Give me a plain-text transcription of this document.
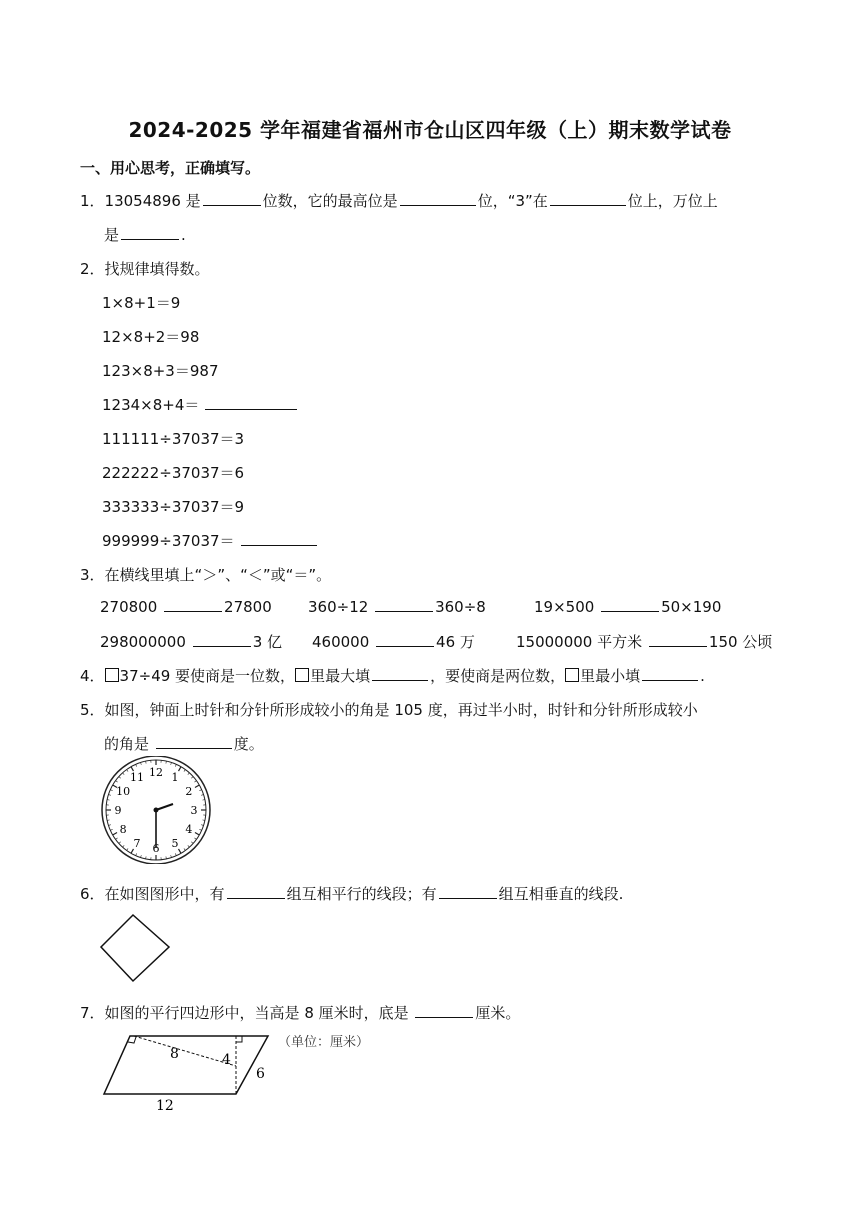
2024-2025 学年福建省福州市仓山区四年级（上）期末数学试卷
一、用心思考，正确填写。
1．13054896 是	位数，它的最高位是	位，“3”在	位上，万位上
是	.
2．找规律填得数。
1×8+1＝9
12×8+2＝98
123×8+3＝987
1234×8+4＝
111111÷37037＝3
222222÷37037＝6
333333÷37037＝9
999999÷37037＝
3．在横线里填上“＞”、“＜”或“＝”。
270800	27800 360÷12	360÷8	19×500	50×190
298000000	3 亿 460000	46 万	15000000 平方米	150 公顷
4． 37÷49 要使商是一位数， 里最大填	，要使商是两位数， 里最小填	.
5．如图，钟面上时针和分针所形成较小的角是 105 度，再过半小时，时针和分针所形成较小
的角是	度。
12 1
2
3
4
5
6
7
8
9
10
11
6．在如图图形中，有	组互相平行的线段；有	组互相垂直的线段.
7．如图的平行四边形中，当高是 8 厘米时，底是	厘米。
8	4
6
12
（单位：厘米）
